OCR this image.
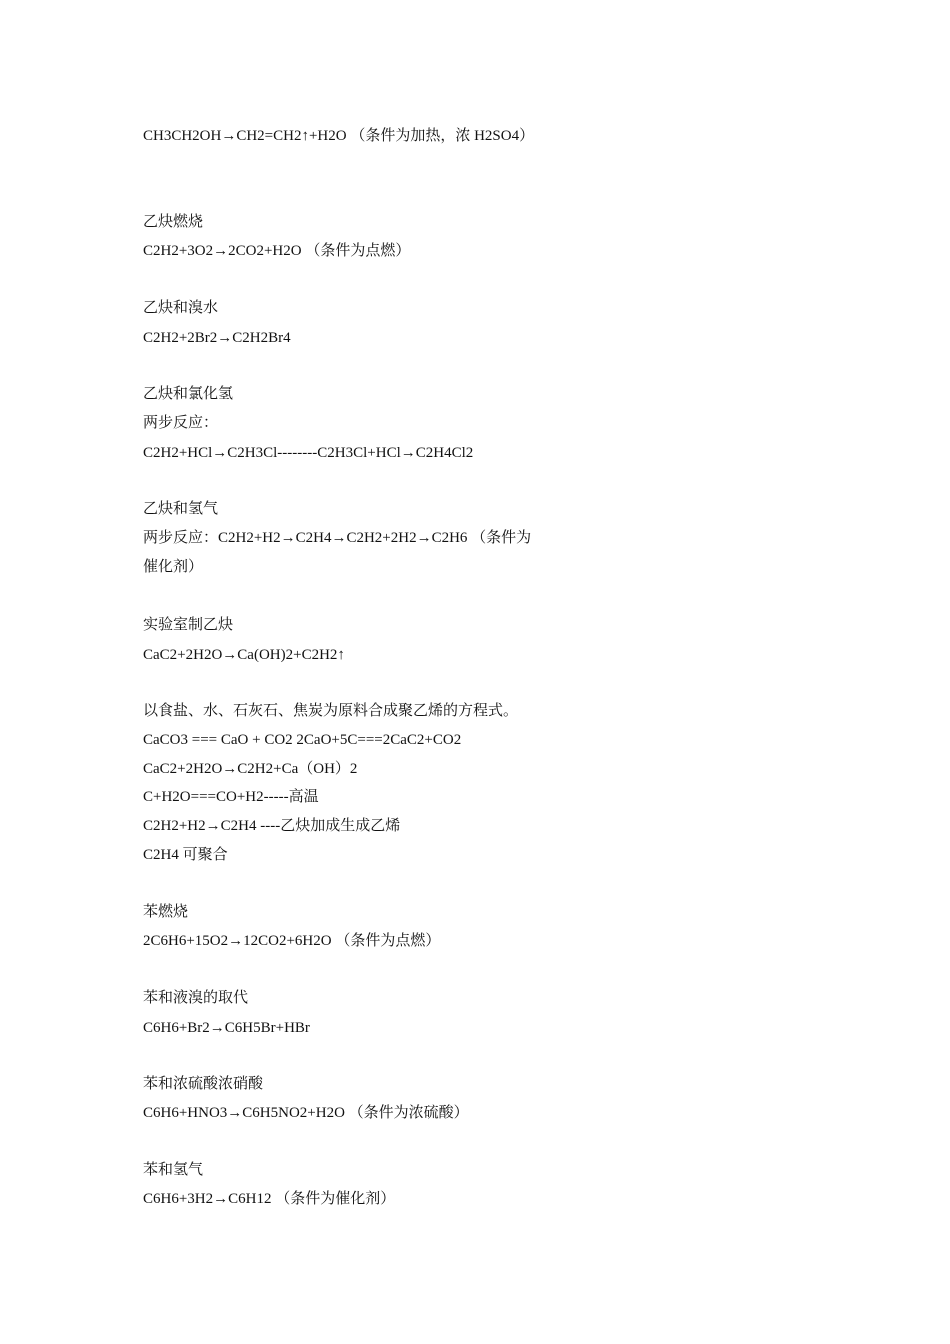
CH3CH2OH→CH2=CH2↑+H2O （条件为加热，浓 H2SO4）
乙炔燃烧
C2H2+3O2→2CO2+H2O （条件为点燃）
乙炔和溴水
C2H2+2Br2→C2H2Br4
乙炔和氯化氢
两步反应：
C2H2+HCl→C2H3Cl--------C2H3Cl+HCl→C2H4Cl2
乙炔和氢气
两步反应：C2H2+H2→C2H4→C2H2+2H2→C2H6 （条件为
催化剂）
实验室制乙炔
CaC2+2H2O→Ca(OH)2+C2H2↑
以食盐、水、石灰石、焦炭为原料合成聚乙烯的方程式。
CaCO3 === CaO + CO2 2CaO+5C===2CaC2+CO2
CaC2+2H2O→C2H2+Ca（OH）2
C+H2O===CO+H2-----高温
C2H2+H2→C2H4 ----乙炔加成生成乙烯
C2H4 可聚合
苯燃烧
2C6H6+15O2→12CO2+6H2O （条件为点燃）
苯和液溴的取代
C6H6+Br2→C6H5Br+HBr
苯和浓硫酸浓硝酸
C6H6+HNO3→C6H5NO2+H2O （条件为浓硫酸）
苯和氢气
C6H6+3H2→C6H12 （条件为催化剂）
